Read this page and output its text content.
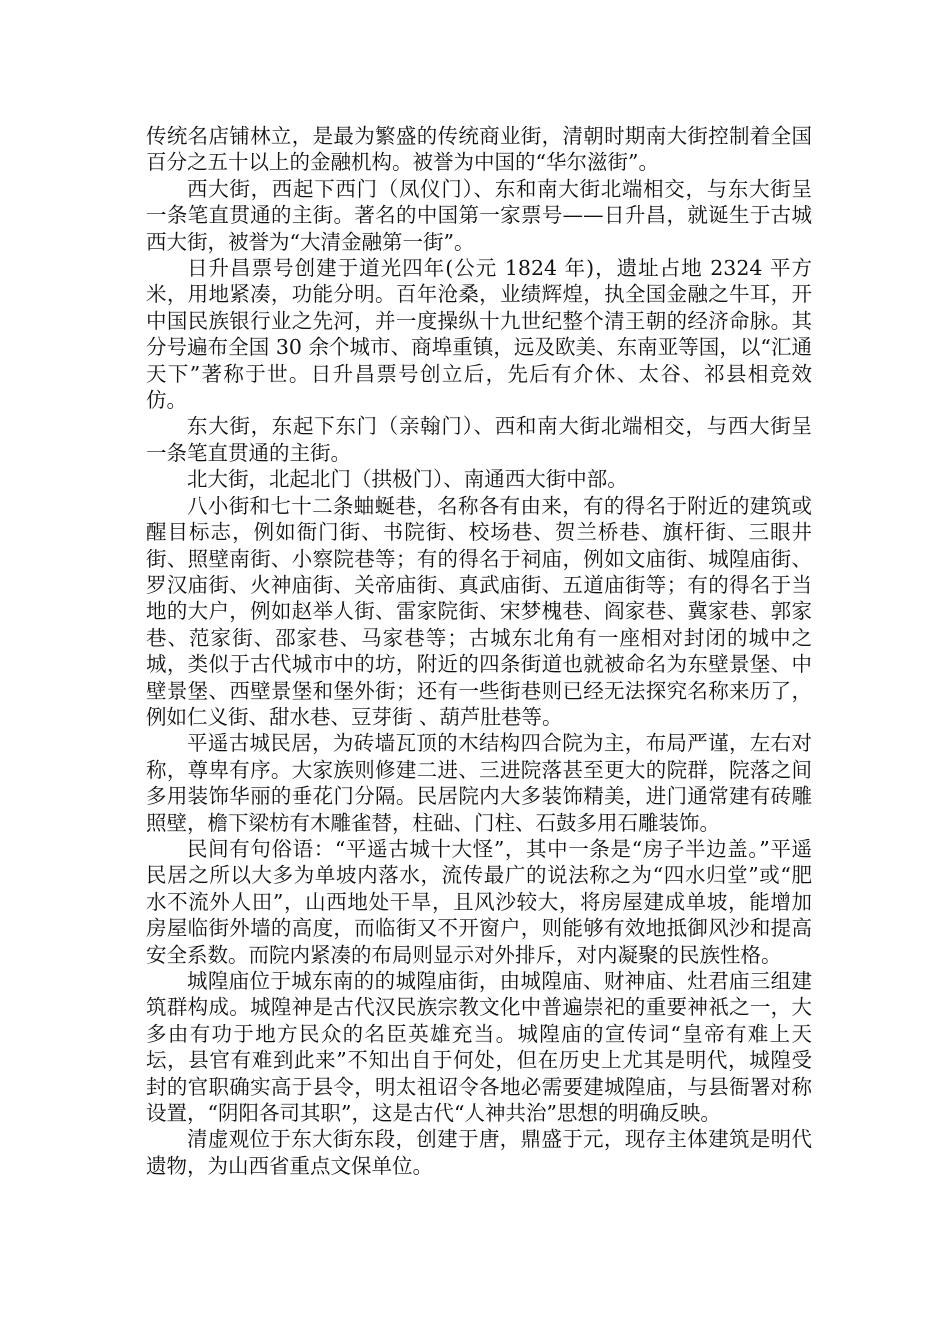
传统名店铺林立，是最为繁盛的传统商业街，清朝时期南大街控制着全国百分之五十以上的金融机构。被誉为中国的“华尔滋街”。

西大街，西起下西门（凤仪门）、东和南大街北端相交，与东大街呈一条笔直贯通的主街。著名的中国第一家票号——日升昌，就诞生于古城西大街，被誉为“大清金融第一街”。

日升昌票号创建于道光四年(公元 1824 年)，遗址占地 2324 平方米，用地紧凑，功能分明。百年沧桑，业绩辉煌，执全国金融之牛耳，开中国民族银行业之先河，并一度操纵十九世纪整个清王朝的经济命脉。其分号遍布全国 30 余个城市、商埠重镇，远及欧美、东南亚等国，以“汇通天下”著称于世。日升昌票号创立后，先后有介休、太谷、祁县相竞效仿。

东大街，东起下东门（亲翰门）、西和南大街北端相交，与西大街呈一条笔直贯通的主街。

北大街，北起北门（拱极门）、南通西大街中部。

八小街和七十二条蚰蜒巷，名称各有由来，有的得名于附近的建筑或醒目标志，例如衙门街、书院街、校场巷、贺兰桥巷、旗杆街、三眼井街、照壁南街、小察院巷等；有的得名于祠庙，例如文庙街、城隍庙街、罗汉庙街、火神庙街、关帝庙街、真武庙街、五道庙街等；有的得名于当地的大户，例如赵举人街、雷家院街、宋梦槐巷、阎家巷、冀家巷、郭家巷、范家街、邵家巷、马家巷等；古城东北角有一座相对封闭的城中之城，类似于古代城市中的坊，附近的四条街道也就被命名为东壁景堡、中壁景堡、西壁景堡和堡外街；还有一些街巷则已经无法探究名称来历了，例如仁义街、甜水巷、豆芽街 、葫芦肚巷等。

平遥古城民居，为砖墙瓦顶的木结构四合院为主，布局严谨，左右对称，尊卑有序。大家族则修建二进、三进院落甚至更大的院群，院落之间多用装饰华丽的垂花门分隔。民居院内大多装饰精美，进门通常建有砖雕照壁，檐下梁枋有木雕雀替，柱础、门柱、石鼓多用石雕装饰。

民间有句俗语：“平遥古城十大怪”，其中一条是“房子半边盖。”平遥民居之所以大多为单坡内落水，流传最广的说法称之为“四水归堂”或“肥水不流外人田”，山西地处干旱，且风沙较大，将房屋建成单坡，能增加房屋临街外墙的高度，而临街又不开窗户，则能够有效地抵御风沙和提高安全系数。而院内紧凑的布局则显示对外排斥，对内凝聚的民族性格。

城隍庙位于城东南的的城隍庙街，由城隍庙、财神庙、灶君庙三组建筑群构成。城隍神是古代汉民族宗教文化中普遍崇祀的重要神祇之一，大多由有功于地方民众的名臣英雄充当。城隍庙的宣传词“皇帝有难上天坛，县官有难到此来”不知出自于何处，但在历史上尤其是明代，城隍受封的官职确实高于县令，明太祖诏令各地必需要建城隍庙，与县衙署对称设置，“阴阳各司其职”，这是古代“人神共治”思想的明确反映。

清虚观位于东大街东段，创建于唐，鼎盛于元，现存主体建筑是明代遗物，为山西省重点文保单位。
